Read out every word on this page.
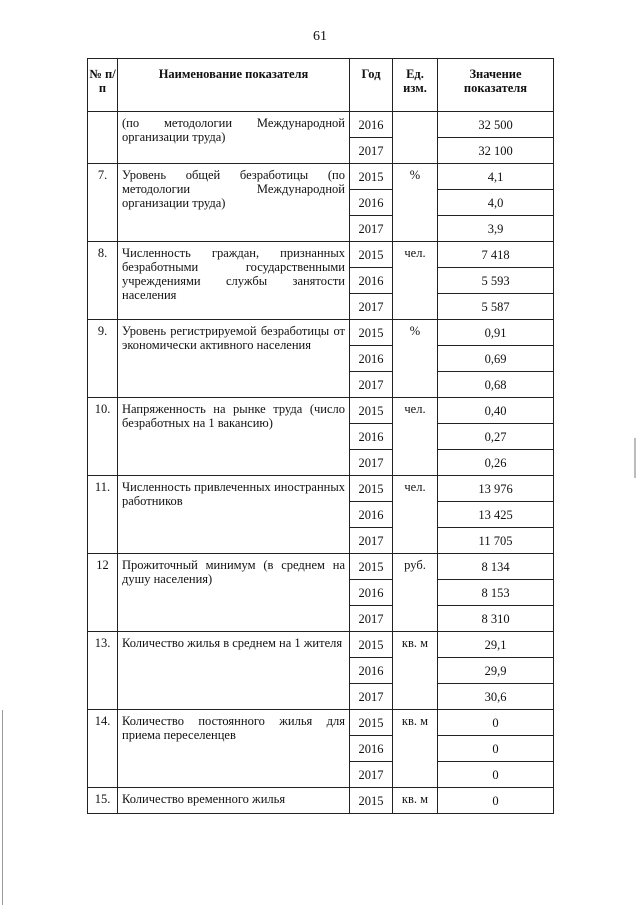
61
№ п/п	Наименование показателя	Год	Ед. изм.	Значение показателя
	(по методологии Международной организации труда)	2016		32 500
		2017		32 100
7.	Уровень общей безработицы (по методологии Международной организации труда)	2015	%	4,1
		2016		4,0
		2017		3,9
8.	Численность граждан, признанных безработными государственными учреждениями службы занятости населения	2015	чел.	7 418
		2016		5 593
		2017		5 587
9.	Уровень регистрируемой безработицы от экономически активного населения	2015	%	0,91
		2016		0,69
		2017		0,68
10.	Напряженность на рынке труда (число безработных на 1 вакансию)	2015	чел.	0,40
		2016		0,27
		2017		0,26
11.	Численность привлеченных иностранных работников	2015	чел.	13 976
		2016		13 425
		2017		11 705
12	Прожиточный минимум (в среднем на душу населения)	2015	руб.	8 134
		2016		8 153
		2017		8 310
13.	Количество жилья в среднем на 1 жителя	2015	кв. м	29,1
		2016		29,9
		2017		30,6
14.	Количество постоянного жилья для приема переселенцев	2015	кв. м	0
		2016		0
		2017		0
15.	Количество временного жилья	2015	кв. м	0
